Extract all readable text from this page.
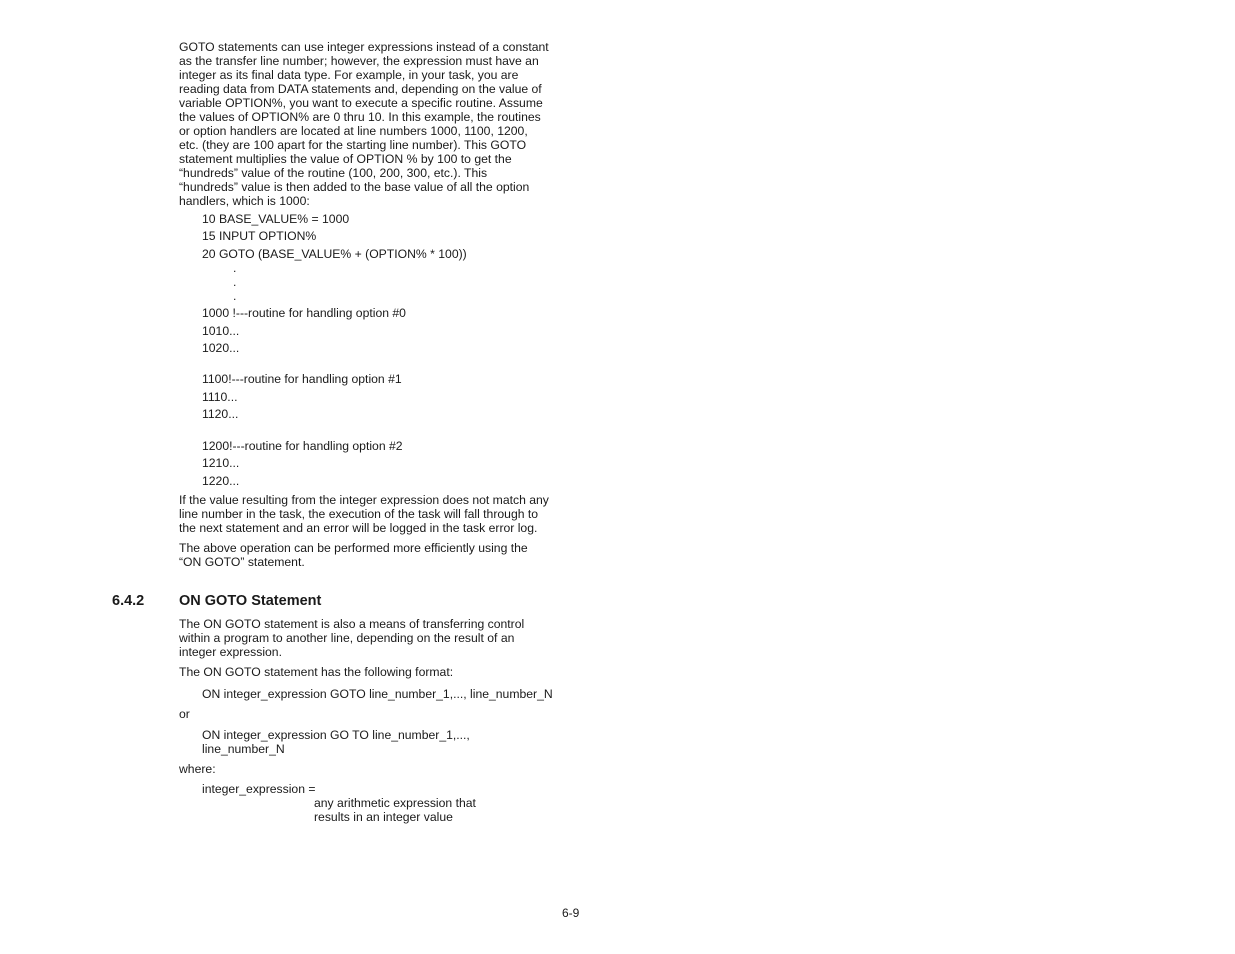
GOTO statements can use integer expressions instead of a constant
as the transfer line number; however, the expression must have an
integer as its final data type. For example, in your task, you are
reading data from DATA statements and, depending on the value of
variable OPTION%, you want to execute a specific routine. Assume
the values of OPTION% are 0 thru 10. In this example, the routines
or option handlers are located at line numbers 1000, 1100, 1200,
etc. (they are 100 apart for the starting line number). This GOTO
statement multiplies the value of OPTION % by 100 to get the
“hundreds” value of the routine (100, 200, 300, etc.). This
“hundreds” value is then added to the base value of all the option
handlers, which is 1000:

10 BASE_VALUE% = 1000

15 INPUT OPTION%

20 GOTO (BASE_VALUE% + (OPTION% * 100))

.

.

.

1000 !---routine for handling option #0

1010...

1020...

1100!---routine for handling option #1

1110...

1120...

1200!---routine for handling option #2

1210...

1220...

If the value resulting from the integer expression does not match any
line number in the task, the execution of the task will fall through to
the next statement and an error will be logged in the task error log.
The above operation can be performed more efficiently using the
“ON GOTO” statement.
6.4.2 ON GOTO Statement
The ON GOTO statement is also a means of transferring control
within a program to another line, depending on the result of an
integer expression.

The ON GOTO statement has the following format:

ON integer_expression GOTO line_number_1,..., line_number_N

or

ON integer_expression GO TO line_number_1,...,
line_number_N

where:

integer_expression =

any arithmetic expression that
results in an integer value
6-9
